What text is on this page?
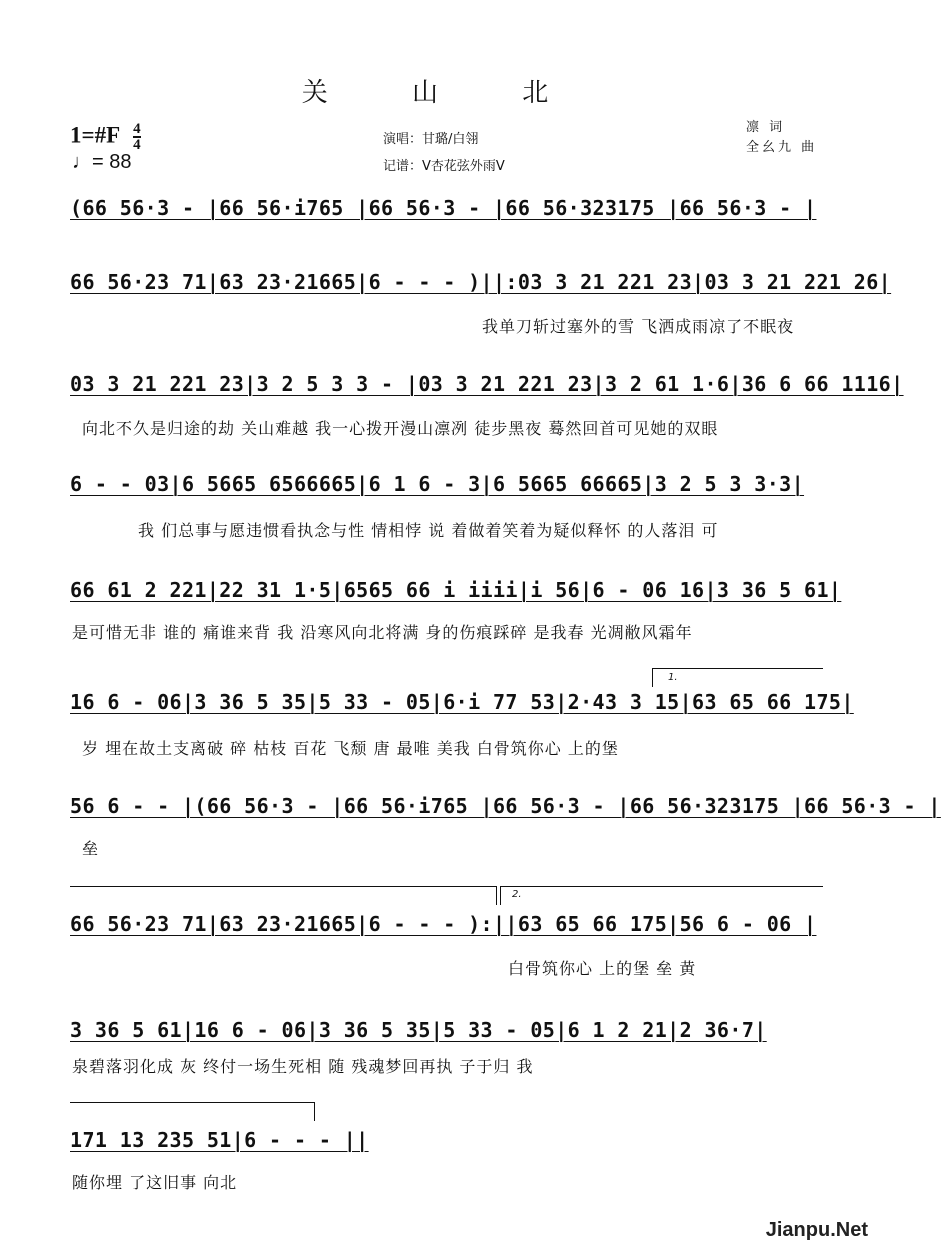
关 山 北
1=#F $\frac{4}{4}$
♩= 88
演唱：甘璐/白翎
记谱：V杏花弦外雨V
凛 词
全幺九 曲
(66 56·3 - |66 56·i765 |66 56·3 - |66 56·323175 |66 56·3 - |
66 56·23 71|63 23·21665|6 - - - )||:03 3 21 221 23|03 3 21 221 26|
我单刀斩过塞外的雪 飞洒成雨凉了不眠夜
03 3 21 221 23|3 2 5 3 3 - |03 3 21 221 23|3 2 61 1·6|36 6 66 1116|
向北不久是归途的劫 关山难越 我一心拨开漫山凛冽 徒步黑夜 蓦然回首可见她的双眼
6 - - 03|6 5665 6566665|6 1 6 - 3|6 5665 66665|3 2 5 3 3·3|
我 们总事与愿违惯看执念与性 情相悖 说 着做着笑着为疑似释怀 的人落泪 可
66 61 2 221|22 31 1·5|6565 66 i iiii|i 56|6 - 06 16|3 36 5 61|
是可惜无非 谁的 痛谁来背 我 沿寒风向北将满 身的伤痕踩碎 是我春 光凋敝风霜年
1.
16 6 - 06|3 36 5 35|5 33 - 05|6·i 77 53|2·43 3 15|63 65 66 175|
岁 埋在故土支离破 碎 枯枝 百花 飞颓 唐 最唯 美我 白骨筑你心 上的堡
56 6 - - |(66 56·3 - |66 56·i765 |66 56·3 - |66 56·323175 |66 56·3 - |
垒
2.
66 56·23 71|63 23·21665|6 - - - ):||63 65 66 175|56 6 - 06 |
白骨筑你心 上的堡 垒 黄
3 36 5 61|16 6 - 06|3 36 5 35|5 33 - 05|6 1 2 21|2 36·7|
泉碧落羽化成 灰 终付一场生死相 随 残魂梦回再执 子于归 我
171 13 235 51|6 - - - ||
随你埋 了这旧事 向北
Jianpu.Net
